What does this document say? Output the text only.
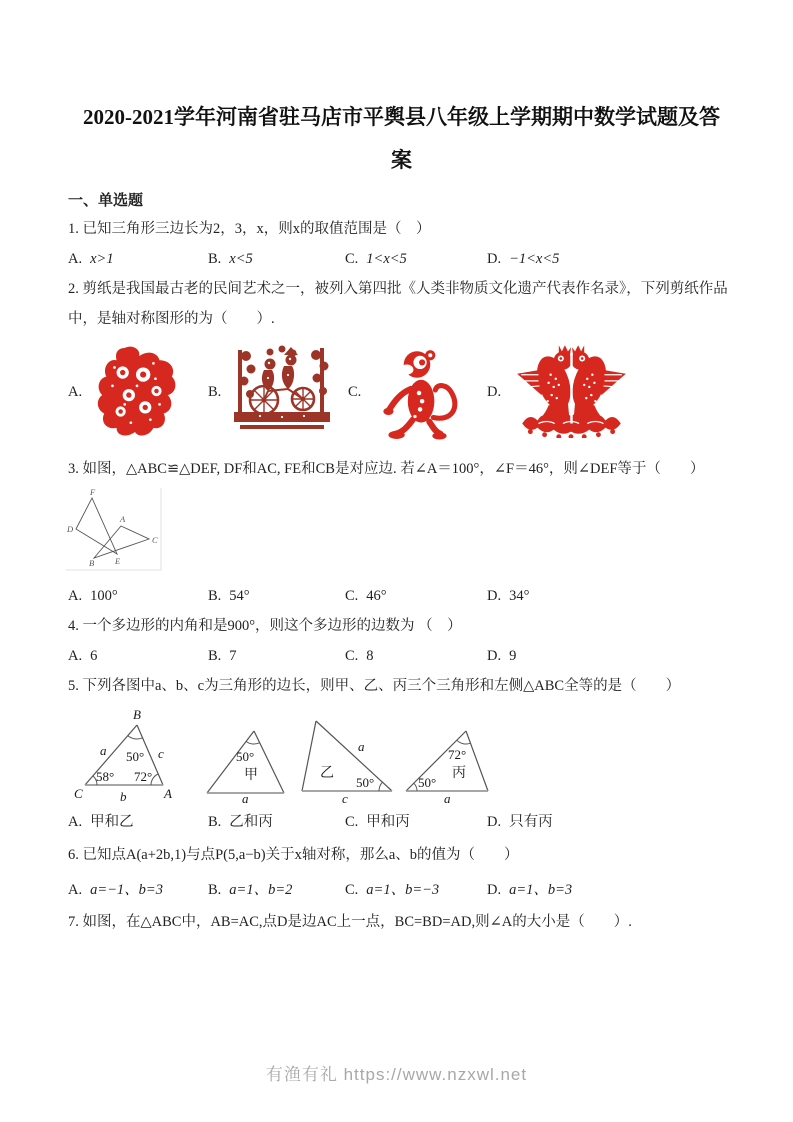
2020-2021学年河南省驻马店市平舆县八年级上学期期中数学试题及答案

一、单选题

1. 已知三角形三边长为2，3，x，则x的取值范围是（　）

A. x>1	B. x<5	C. 1<x<5	D. −1<x<5

2. 剪纸是我国最古老的民间艺术之一，被列入第四批《人类非物质文化遗产代表作名录》，下列剪纸作品中，是轴对称图形的为（　　）.

A.	B.	C.	D.

3. 如图，△ABC≌△DEF, DF和AC, FE和CB是对应边. 若∠A＝100°，∠F＝46°，则∠DEF等于（　　）

F
D
A
C
B E
A. 100°	B. 54°	C. 46°	D. 34°

4. 一个多边形的内角和是900°，则这个多边形的边数为 （　）

A. 6	B. 7	C. 8	D. 9

5. 下列各图中a、b、c为三角形的边长，则甲、乙、丙三个三角形和左侧△ABC全等的是（　　）

B
a 50° c
58° 72°
C	b	A
50°
甲
a
a
乙
50°
c
72°
丙
50°
a
A. 甲和乙	B. 乙和丙	C. 甲和丙	D. 只有丙

6. 已知点A(a+2b,1)与点P(5,a−b)关于x轴对称，那么a、b的值为（　　）

A. a=−1、b=3	B. a=1、b=2	C. a=1、b=−3	D. a=1、b=3

7. 如图，在△ABC中，AB=AC,点D是边AC上一点，BC=BD=AD,则∠A的大小是（　　）.

有渔有礼 https://www.nzxwl.net
